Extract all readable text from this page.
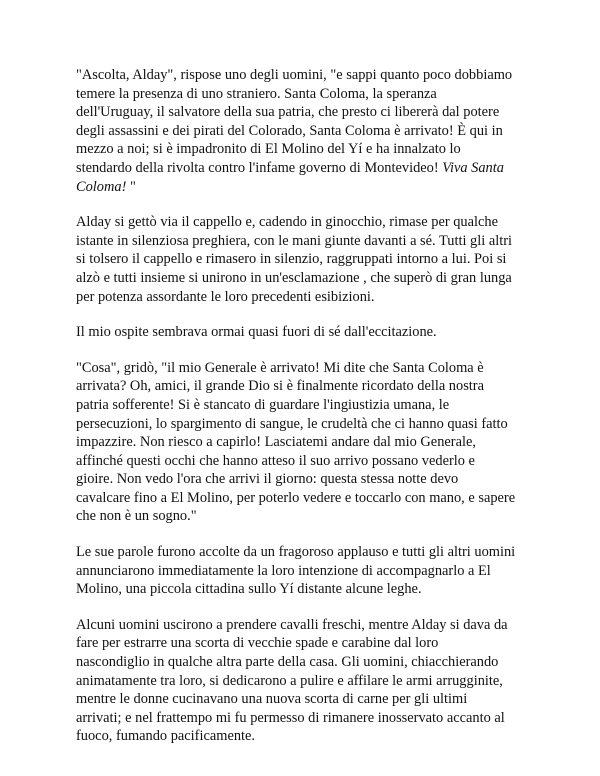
"Ascolta, Alday", rispose uno degli uomini, "e sappi quanto poco dobbiamo
temere la presenza di uno straniero. Santa Coloma, la speranza
dell'Uruguay, il salvatore della sua patria, che presto ci libererà dal potere
degli assassini e dei pirati del Colorado, Santa Coloma è arrivato! È qui in
mezzo a noi; si è impadronito di El Molino del Yí e ha innalzato lo
stendardo della rivolta contro l'infame governo di Montevideo! Viva Santa
Coloma! "

Alday si gettò via il cappello e, cadendo in ginocchio, rimase per qualche
istante in silenziosa preghiera, con le mani giunte davanti a sé. Tutti gli altri
si tolsero il cappello e rimasero in silenzio, raggruppati intorno a lui. Poi si
alzò e tutti insieme si unirono in un'esclamazione , che superò di gran lunga
per potenza assordante le loro precedenti esibizioni.

Il mio ospite sembrava ormai quasi fuori di sé dall'eccitazione.

"Cosa", gridò, "il mio Generale è arrivato! Mi dite che Santa Coloma è
arrivata? Oh, amici, il grande Dio si è finalmente ricordato della nostra
patria sofferente! Si è stancato di guardare l'ingiustizia umana, le
persecuzioni, lo spargimento di sangue, le crudeltà che ci hanno quasi fatto
impazzire. Non riesco a capirlo! Lasciatemi andare dal mio Generale,
affinché questi occhi che hanno atteso il suo arrivo possano vederlo e
gioire. Non vedo l'ora che arrivi il giorno: questa stessa notte devo
cavalcare fino a El Molino, per poterlo vedere e toccarlo con mano, e sapere
che non è un sogno."

Le sue parole furono accolte da un fragoroso applauso e tutti gli altri uomini
annunciarono immediatamente la loro intenzione di accompagnarlo a El
Molino, una piccola cittadina sullo Yí distante alcune leghe.

Alcuni uomini uscirono a prendere cavalli freschi, mentre Alday si dava da
fare per estrarre una scorta di vecchie spade e carabine dal loro
nascondiglio in qualche altra parte della casa. Gli uomini, chiacchierando
animatamente tra loro, si dedicarono a pulire e affilare le armi arrugginite,
mentre le donne cucinavano una nuova scorta di carne per gli ultimi
arrivati; e nel frattempo mi fu permesso di rimanere inosservato accanto al
fuoco, fumando pacificamente.
